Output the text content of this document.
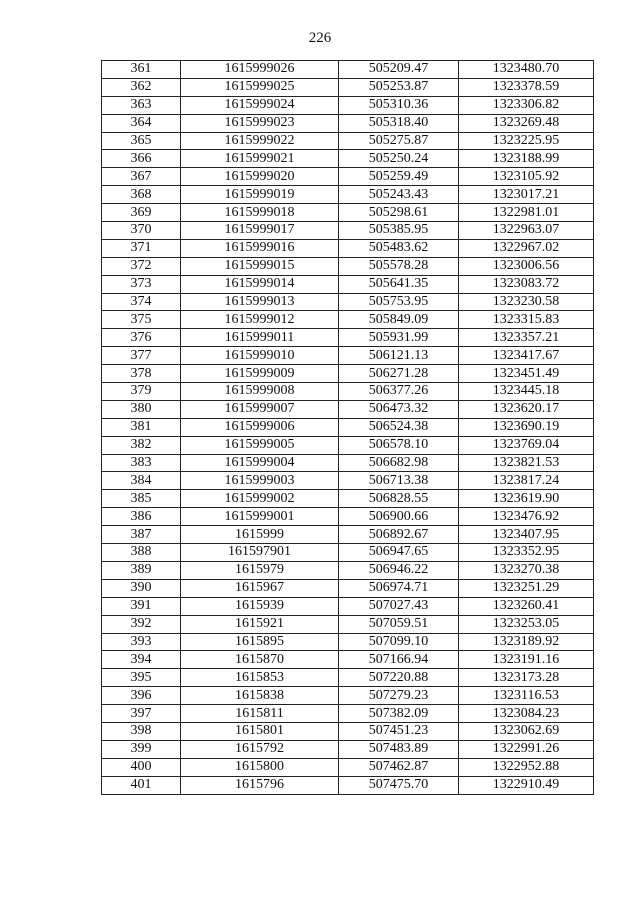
226
361	1615999026	505209.47	1323480.70
362	1615999025	505253.87	1323378.59
363	1615999024	505310.36	1323306.82
364	1615999023	505318.40	1323269.48
365	1615999022	505275.87	1323225.95
366	1615999021	505250.24	1323188.99
367	1615999020	505259.49	1323105.92
368	1615999019	505243.43	1323017.21
369	1615999018	505298.61	1322981.01
370	1615999017	505385.95	1322963.07
371	1615999016	505483.62	1322967.02
372	1615999015	505578.28	1323006.56
373	1615999014	505641.35	1323083.72
374	1615999013	505753.95	1323230.58
375	1615999012	505849.09	1323315.83
376	1615999011	505931.99	1323357.21
377	1615999010	506121.13	1323417.67
378	1615999009	506271.28	1323451.49
379	1615999008	506377.26	1323445.18
380	1615999007	506473.32	1323620.17
381	1615999006	506524.38	1323690.19
382	1615999005	506578.10	1323769.04
383	1615999004	506682.98	1323821.53
384	1615999003	506713.38	1323817.24
385	1615999002	506828.55	1323619.90
386	1615999001	506900.66	1323476.92
387	1615999	506892.67	1323407.95
388	161597901	506947.65	1323352.95
389	1615979	506946.22	1323270.38
390	1615967	506974.71	1323251.29
391	1615939	507027.43	1323260.41
392	1615921	507059.51	1323253.05
393	1615895	507099.10	1323189.92
394	1615870	507166.94	1323191.16
395	1615853	507220.88	1323173.28
396	1615838	507279.23	1323116.53
397	1615811	507382.09	1323084.23
398	1615801	507451.23	1323062.69
399	1615792	507483.89	1322991.26
400	1615800	507462.87	1322952.88
401	1615796	507475.70	1322910.49
